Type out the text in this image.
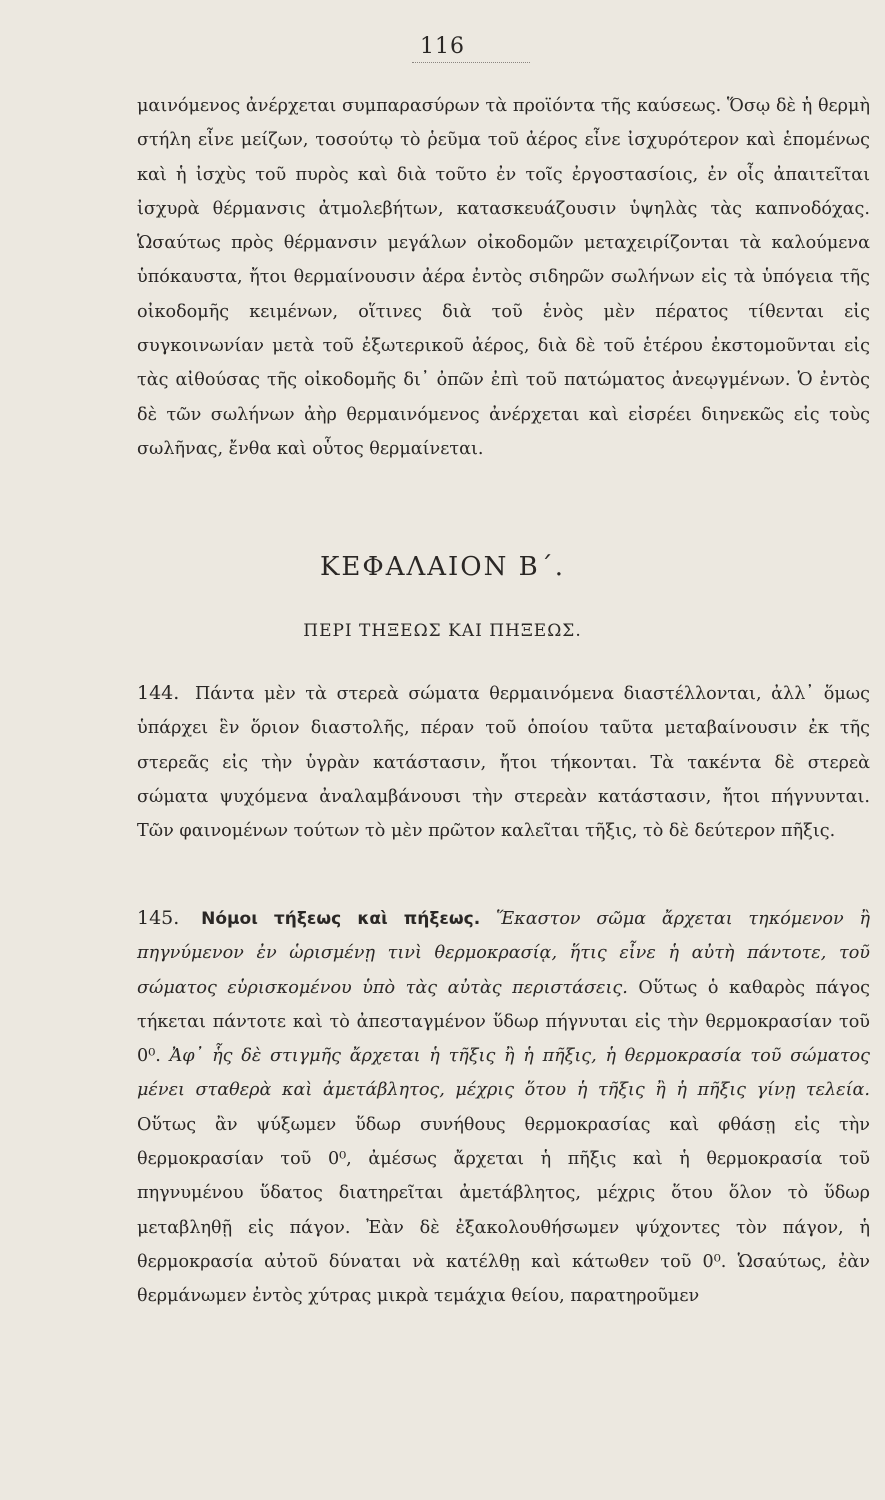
116

μαινόμενος ἀνέρχεται συμπαρασύρων τὰ προϊόντα τῆς καύσεως. Ὅσῳ δὲ ἡ θερμὴ στήλη εἶνε μείζων, τοσούτῳ τὸ ῥεῦμα τοῦ ἀέρος εἶνε ἰσχυρότερον καὶ ἑπομένως καὶ ἡ ἰσχὺς τοῦ πυρὸς καὶ διὰ τοῦτο ἐν τοῖς ἐργοστασίοις, ἐν οἷς ἀπαιτεῖται ἰσχυρὰ θέρμανσις ἀτμολεβήτων, κατασκευάζουσιν ὑψηλὰς τὰς καπνοδόχας. Ὡσαύτως πρὸς θέρμανσιν μεγάλων οἰκοδομῶν μεταχειρίζονται τὰ καλούμενα ὑπόκαυστα, ἤτοι θερμαίνουσιν ἀέρα ἐντὸς σιδηρῶν σωλήνων εἰς τὰ ὑπόγεια τῆς οἰκοδομῆς κειμένων, οἵτινες διὰ τοῦ ἑνὸς μὲν πέρατος τίθενται εἰς συγκοινωνίαν μετὰ τοῦ ἐξωτερικοῦ ἀέρος, διὰ δὲ τοῦ ἑτέρου ἐκστομοῦνται εἰς τὰς αἰθούσας τῆς οἰκοδομῆς δι᾽ ὀπῶν ἐπὶ τοῦ πατώματος ἀνεῳγμένων. Ὁ ἐντὸς δὲ τῶν σωλήνων ἀὴρ θερμαινόμενος ἀνέρχεται καὶ εἰσρέει διηνεκῶς εἰς τοὺς σωλῆνας, ἔνθα καὶ οὗτος θερμαίνεται.

ΚΕΦΑΛΑΙΟΝ Β΄.
ΠΕΡΙ ΤΗΞΕΩΣ ΚΑΙ ΠΗΞΕΩΣ.

144. Πάντα μὲν τὰ στερεὰ σώματα θερμαινόμενα διαστέλλονται, ἀλλ᾽ ὅμως ὑπάρχει ἓν ὅριον διαστολῆς, πέραν τοῦ ὁποίου ταῦτα μεταβαίνουσιν ἐκ τῆς στερεᾶς εἰς τὴν ὑγρὰν κατάστασιν, ἤτοι τήκονται. Τὰ τακέντα δὲ στερεὰ σώματα ψυχόμενα ἀναλαμβάνουσι τὴν στερεὰν κατάστασιν, ἤτοι πήγνυνται. Τῶν φαινομένων τούτων τὸ μὲν πρῶτον καλεῖται τῆξις, τὸ δὲ δεύτερον πῆξις.

145. Νόμοι τήξεως καὶ πήξεως. Ἕκαστον σῶμα ἄρχεται τηκόμενον ἢ πηγνύμενον ἐν ὡρισμένῃ τινὶ θερμοκρασίᾳ, ἥτις εἶνε ἡ αὐτὴ πάντοτε, τοῦ σώματος εὑρισκομένου ὑπὸ τὰς αὐτὰς περιστάσεις. Οὕτως ὁ καθαρὸς πάγος τήκεται πάντοτε καὶ τὸ ἀπεσταγμένον ὕδωρ πήγνυται εἰς τὴν θερμοκρασίαν τοῦ 0⁰. Ἀφ᾽ ἧς δὲ στιγμῆς ἄρχεται ἡ τῆξις ἢ ἡ πῆξις, ἡ θερμοκρασία τοῦ σώματος μένει σταθερὰ καὶ ἀμετάβλητος, μέχρις ὅτου ἡ τῆξις ἢ ἡ πῆξις γίνῃ τελεία. Οὕτως ἂν ψύξωμεν ὕδωρ συνήθους θερμοκρασίας καὶ φθάσῃ εἰς τὴν θερμοκρασίαν τοῦ 0⁰, ἀμέσως ἄρχεται ἡ πῆξις καὶ ἡ θερμοκρασία τοῦ πηγνυμένου ὕδατος διατηρεῖται ἀμετάβλητος, μέχρις ὅτου ὅλον τὸ ὕδωρ μεταβληθῇ εἰς πάγον. Ἐὰν δὲ ἐξακολουθήσωμεν ψύχοντες τὸν πάγον, ἡ θερμοκρασία αὐτοῦ δύναται νὰ κατέλθῃ καὶ κάτωθεν τοῦ 0⁰. Ὡσαύτως, ἐὰν θερμάνωμεν ἐντὸς χύτρας μικρὰ τεμάχια θείου, παρατηροῦμεν
